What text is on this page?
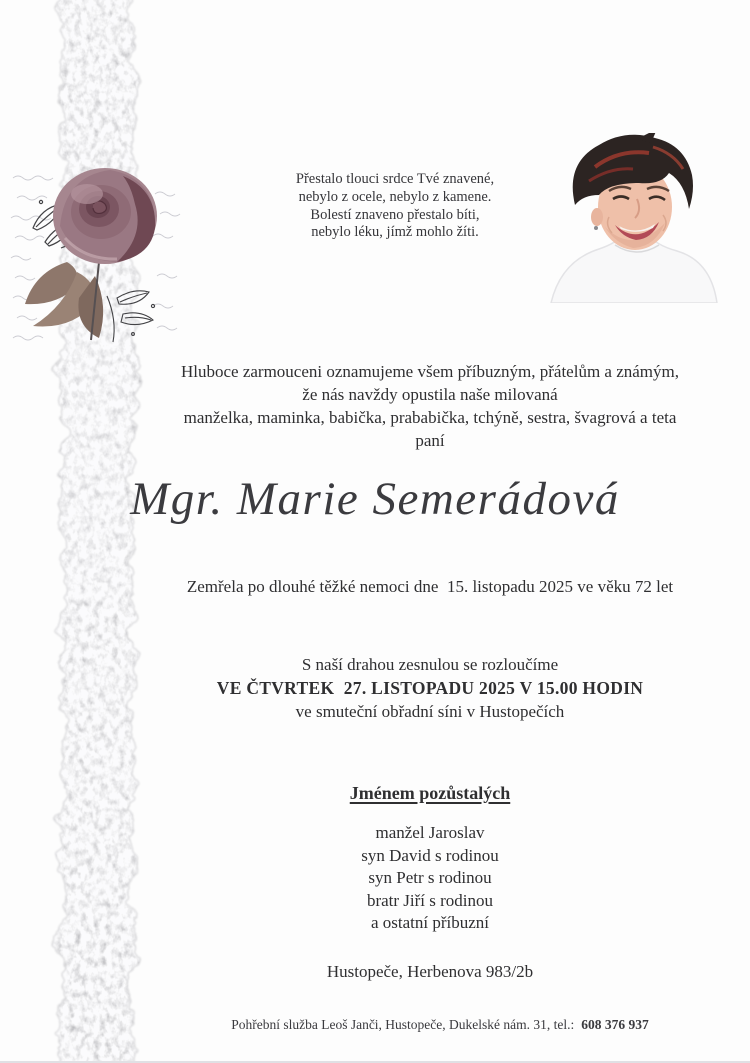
Přestalo tlouci srdce Tvé znavené,
nebylo z ocele, nebylo z kamene.
Bolestí znaveno přestalo bíti,
nebylo léku, jímž mohlo žíti.
Hluboce zarmouceni oznamujeme všem příbuzným, přátelům a známým,
že nás navždy opustila naše milovaná
manželka, maminka, babička, prababička, tchýně, sestra, švagrová a teta
paní
Mgr. Marie Semerádová
Zemřela po dlouhé těžké nemoci dne  15. listopadu 2025 ve věku 72 let
S naší drahou zesnulou se rozloučíme
VE ČTVRTEK  27. LISTOPADU 2025 V 15.00 HODIN
ve smuteční obřadní síni v Hustopečích
Jménem pozůstalých
manžel Jaroslav
syn David s rodinou
syn Petr s rodinou
bratr Jiří s rodinou
a ostatní příbuzní
Hustopeče, Herbenova 983/2b
Pohřební služba Leoš Janči, Hustopeče, Dukelské nám. 31, tel.: 608 376 937
